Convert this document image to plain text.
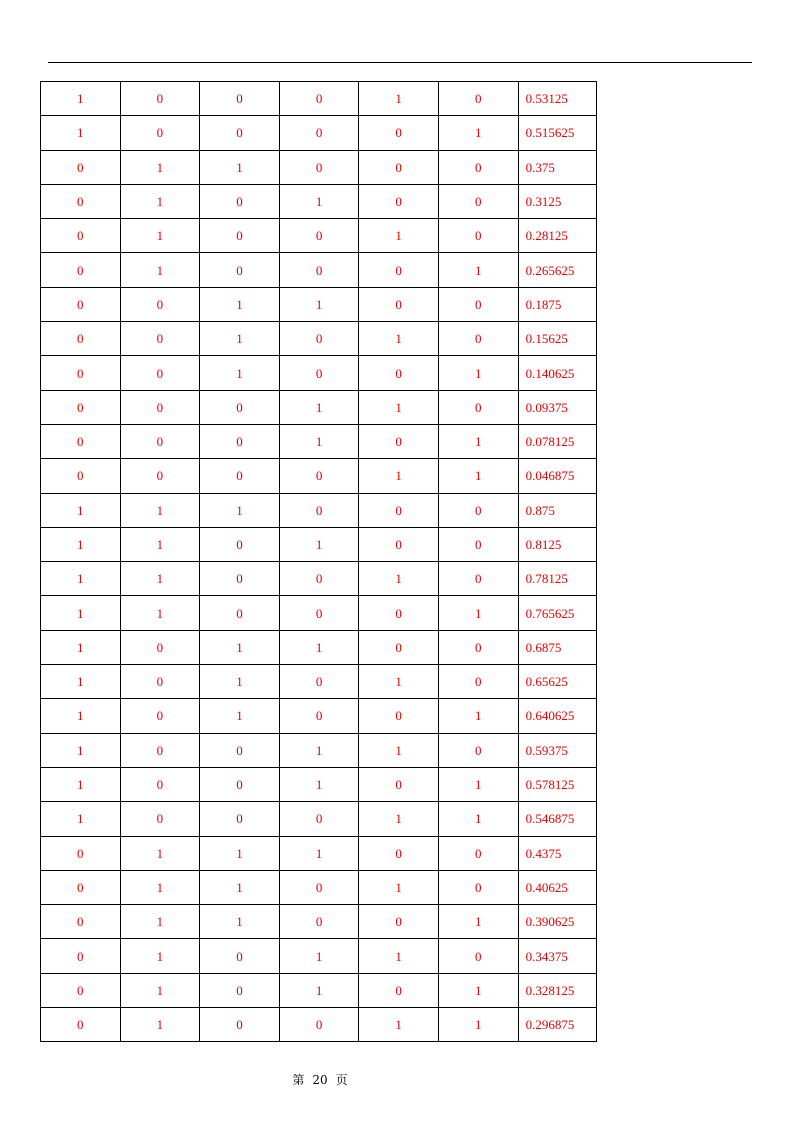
1	0	0	0	1	0	0.53125
1	0	0	0	0	1	0.515625
0	1	1	0	0	0	0.375
0	1	0	1	0	0	0.3125
0	1	0	0	1	0	0.28125
0	1	0	0	0	1	0.265625
0	0	1	1	0	0	0.1875
0	0	1	0	1	0	0.15625
0	0	1	0	0	1	0.140625
0	0	0	1	1	0	0.09375
0	0	0	1	0	1	0.078125
0	0	0	0	1	1	0.046875
1	1	1	0	0	0	0.875
1	1	0	1	0	0	0.8125
1	1	0	0	1	0	0.78125
1	1	0	0	0	1	0.765625
1	0	1	1	0	0	0.6875
1	0	1	0	1	0	0.65625
1	0	1	0	0	1	0.640625
1	0	0	1	1	0	0.59375
1	0	0	1	0	1	0.578125
1	0	0	0	1	1	0.546875
0	1	1	1	0	0	0.4375
0	1	1	0	1	0	0.40625
0	1	1	0	0	1	0.390625
0	1	0	1	1	0	0.34375
0	1	0	1	0	1	0.328125
0	1	0	0	1	1	0.296875
第 20 页
